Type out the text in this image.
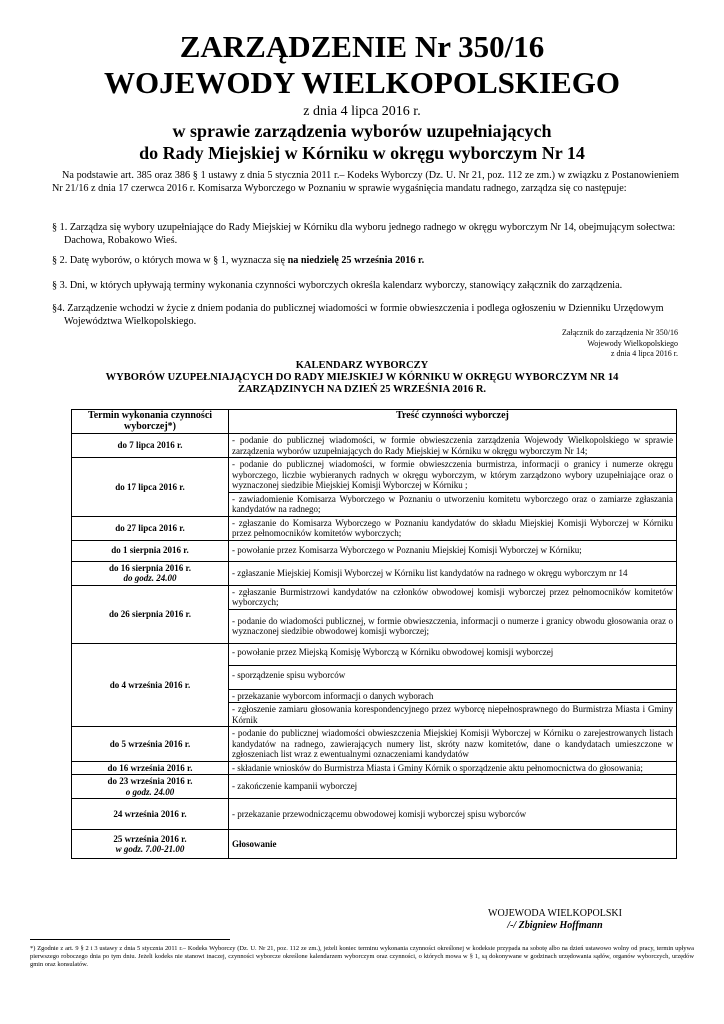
ZARZĄDZENIE Nr 350/16
WOJEWODY WIELKOPOLSKIEGO
z dnia 4 lipca 2016 r.
w sprawie zarządzenia wyborów uzupełniających
do Rady Miejskiej w Kórniku w okręgu wyborczym Nr 14
Na podstawie art. 385 oraz 386 § 1 ustawy z dnia 5 stycznia 2011 r.– Kodeks Wyborczy (Dz. U. Nr 21, poz. 112 ze zm.) w związku z Postanowieniem Nr 21/16 z dnia 17 czerwca 2016 r. Komisarza Wyborczego w Poznaniu w sprawie wygaśnięcia mandatu radnego, zarządza się co następuje:
§ 1. Zarządza się wybory uzupełniające do Rady Miejskiej w Kórniku dla wyboru jednego radnego w okręgu wyborczym Nr 14, obejmującym sołectwa: Dachowa, Robakowo Wieś.
§ 2. Datę wyborów, o których mowa w § 1, wyznacza się na niedzielę 25 września 2016 r.
§ 3. Dni, w których upływają terminy wykonania czynności wyborczych określa kalendarz wyborczy, stanowiący załącznik do zarządzenia.
§4. Zarządzenie wchodzi w życie z dniem podania do publicznej wiadomości w formie obwieszczenia i podlega ogłoszeniu w Dzienniku Urzędowym Województwa Wielkopolskiego.
Załącznik do zarządzenia Nr 350/16
Wojewody Wielkopolskiego
z dnia 4 lipca 2016 r.
KALENDARZ WYBORCZY
WYBORÓW UZUPEŁNIAJĄCYCH DO RADY MIEJSKIEJ W KÓRNIKU W OKRĘGU WYBORCZYM NR 14
ZARZĄDZINYCH NA DZIEŃ 25 WRZEŚNIA 2016 R.
Termin wykonania czynności wyborczej*)	Treść czynności wyborczej
do 7 lipca 2016 r.	- podanie do publicznej wiadomości, w formie obwieszczenia zarządzenia Wojewody Wielkopolskiego w sprawie zarządzenia wyborów uzupełniających do Rady Miejskiej w Kórniku w okręgu wyborczym Nr 14;
do 17 lipca 2016 r.	- podanie do publicznej wiadomości, w formie obwieszczenia burmistrza, informacji o granicy i numerze okręgu wyborczego, liczbie wybieranych radnych w okręgu wyborczym, w którym zarządzono wybory uzupełniające oraz o wyznaczonej siedzibie Miejskiej Komisji Wyborczej w Kórniku ;
	- zawiadomienie Komisarza Wyborczego w Poznaniu o utworzeniu komitetu wyborczego oraz o zamiarze zgłaszania kandydatów na radnego;
do 27 lipca 2016 r.	- zgłaszanie do Komisarza Wyborczego w Poznaniu kandydatów do składu Miejskiej Komisji Wyborczej w Kórniku przez pełnomocników komitetów wyborczych;
do 1 sierpnia 2016 r.	- powołanie przez Komisarza Wyborczego w Poznaniu Miejskiej Komisji Wyborczej w Kórniku;

do 16 sierpnia 2016 r.
do godz. 24.00	- zgłaszanie Miejskiej Komisji Wyborczej w Kórniku list kandydatów na radnego w okręgu wyborczym nr 14
do 26 sierpnia 2016 r.	- zgłaszanie Burmistrzowi kandydatów na członków obwodowej komisji wyborczej przez pełnomocników komitetów wyborczych;
	- podanie do wiadomości publicznej, w formie obwieszczenia, informacji o numerze i granicy obwodu głosowania oraz o wyznaczonej siedzibie obwodowej komisji wyborczej;
do 4 września 2016 r.	- powołanie przez Miejską Komisję Wyborczą w Kórniku obwodowej komisji wyborczej
	- sporządzenie spisu wyborców
	- przekazanie wyborcom informacji o danych wyborach
	- zgłoszenie zamiaru głosowania korespondencyjnego przez wyborcę niepełnosprawnego do Burmistrza Miasta i Gminy Kórnik
do 5 września 2016 r.	- podanie do publicznej wiadomości obwieszczenia Miejskiej Komisji Wyborczej w Kórniku o zarejestrowanych listach kandydatów na radnego, zawierających numery list, skróty nazw komitetów, dane o kandydatach umieszczone w zgłoszeniach list wraz z ewentualnymi oznaczeniami kandydatów
do 16 września 2016 r.	- składanie wniosków do Burmistrza Miasta i Gminy Kórnik o sporządzenie aktu pełnomocnictwa do głosowania;

do 23 września 2016 r.
o godz. 24.00	- zakończenie kampanii wyborczej
24 września 2016 r.	- przekazanie przewodniczącemu obwodowej komisji wyborczej spisu wyborców

25 września 2016 r.
w godz. 7.00-21.00	Głosowanie
WOJEWODA WIELKOPOLSKI
/-/ Zbigniew Hoffmann
*) Zgodnie z art. 9 § 2 i 3 ustawy z dnia 5 stycznia 2011 r.– Kodeks Wyborczy (Dz. U. Nr 21, poz. 112 ze zm.), jeżeli koniec terminu wykonania czynności określonej w kodeksie przypada na sobotę albo na dzień ustawowo wolny od pracy, termin upływa pierwszego roboczego dnia po tym dniu. Jeżeli kodeks nie stanowi inaczej, czynności wyborcze określone kalendarzem wyborczym oraz czynności, o których mowa w § 1, są dokonywane w godzinach urzędowania sądów, organów wyborczych, urzędów gmin oraz konsulatów.
